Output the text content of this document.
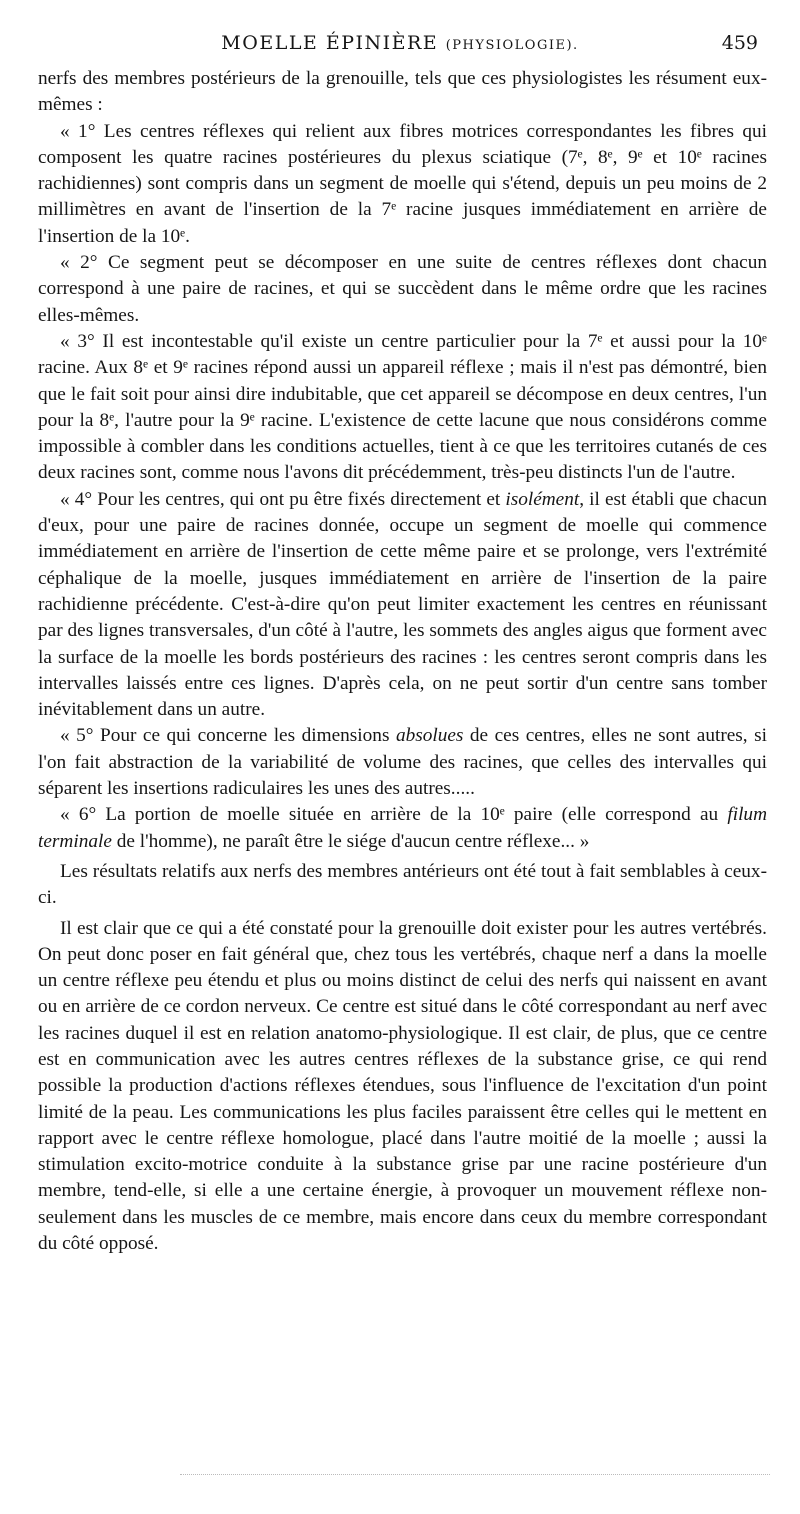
MOELLE ÉPINIÈRE (PHYSIOLOGIE).	459

nerfs des membres postérieurs de la grenouille, tels que ces physiologistes les résument eux-mêmes :

« 1° Les centres réflexes qui relient aux fibres motrices correspondantes les fibres qui composent les quatre racines postérieures du plexus sciatique (7ᵉ, 8ᵉ, 9ᵉ et 10ᵉ racines rachidiennes) sont compris dans un segment de moelle qui s'étend, depuis un peu moins de 2 millimètres en avant de l'insertion de la 7ᵉ racine jusques immédiatement en arrière de l'insertion de la 10ᵉ.

« 2° Ce segment peut se décomposer en une suite de centres réflexes dont chacun correspond à une paire de racines, et qui se succèdent dans le même ordre que les racines elles-mêmes.

« 3° Il est incontestable qu'il existe un centre particulier pour la 7ᵉ et aussi pour la 10ᵉ racine. Aux 8ᵉ et 9ᵉ racines répond aussi un appareil réflexe ; mais il n'est pas démontré, bien que le fait soit pour ainsi dire indubitable, que cet appareil se décompose en deux centres, l'un pour la 8ᵉ, l'autre pour la 9ᵉ racine. L'existence de cette lacune que nous considérons comme impossible à combler dans les conditions actuelles, tient à ce que les territoires cutanés de ces deux racines sont, comme nous l'avons dit précédemment, très-peu distincts l'un de l'autre.

« 4° Pour les centres, qui ont pu être fixés directement et isolément, il est établi que chacun d'eux, pour une paire de racines donnée, occupe un segment de moelle qui commence immédiatement en arrière de l'insertion de cette même paire et se prolonge, vers l'extrémité céphalique de la moelle, jusques immédiatement en arrière de l'insertion de la paire rachidienne précédente. C'est-à-dire qu'on peut limiter exactement les centres en réunissant par des lignes transversales, d'un côté à l'autre, les sommets des angles aigus que forment avec la surface de la moelle les bords postérieurs des racines : les centres seront compris dans les intervalles laissés entre ces lignes. D'après cela, on ne peut sortir d'un centre sans tomber inévitablement dans un autre.

« 5° Pour ce qui concerne les dimensions absolues de ces centres, elles ne sont autres, si l'on fait abstraction de la variabilité de volume des racines, que celles des intervalles qui séparent les insertions radiculaires les unes des autres.....

« 6° La portion de moelle située en arrière de la 10ᵉ paire (elle correspond au filum terminale de l'homme), ne paraît être le siége d'aucun centre réflexe... »

Les résultats relatifs aux nerfs des membres antérieurs ont été tout à fait semblables à ceux-ci.

Il est clair que ce qui a été constaté pour la grenouille doit exister pour les autres vertébrés. On peut donc poser en fait général que, chez tous les vertébrés, chaque nerf a dans la moelle un centre réflexe peu étendu et plus ou moins distinct de celui des nerfs qui naissent en avant ou en arrière de ce cordon nerveux. Ce centre est situé dans le côté correspondant au nerf avec les racines duquel il est en relation anatomo-physiologique. Il est clair, de plus, que ce centre est en communication avec les autres centres réflexes de la substance grise, ce qui rend possible la production d'actions réflexes étendues, sous l'influence de l'excitation d'un point limité de la peau. Les communications les plus faciles paraissent être celles qui le mettent en rapport avec le centre réflexe homologue, placé dans l'autre moitié de la moelle ; aussi la stimulation excito-motrice conduite à la substance grise par une racine postérieure d'un membre, tend-elle, si elle a une certaine énergie, à provoquer un mouvement réflexe non-seulement dans les muscles de ce membre, mais encore dans ceux du membre correspondant du côté opposé.
